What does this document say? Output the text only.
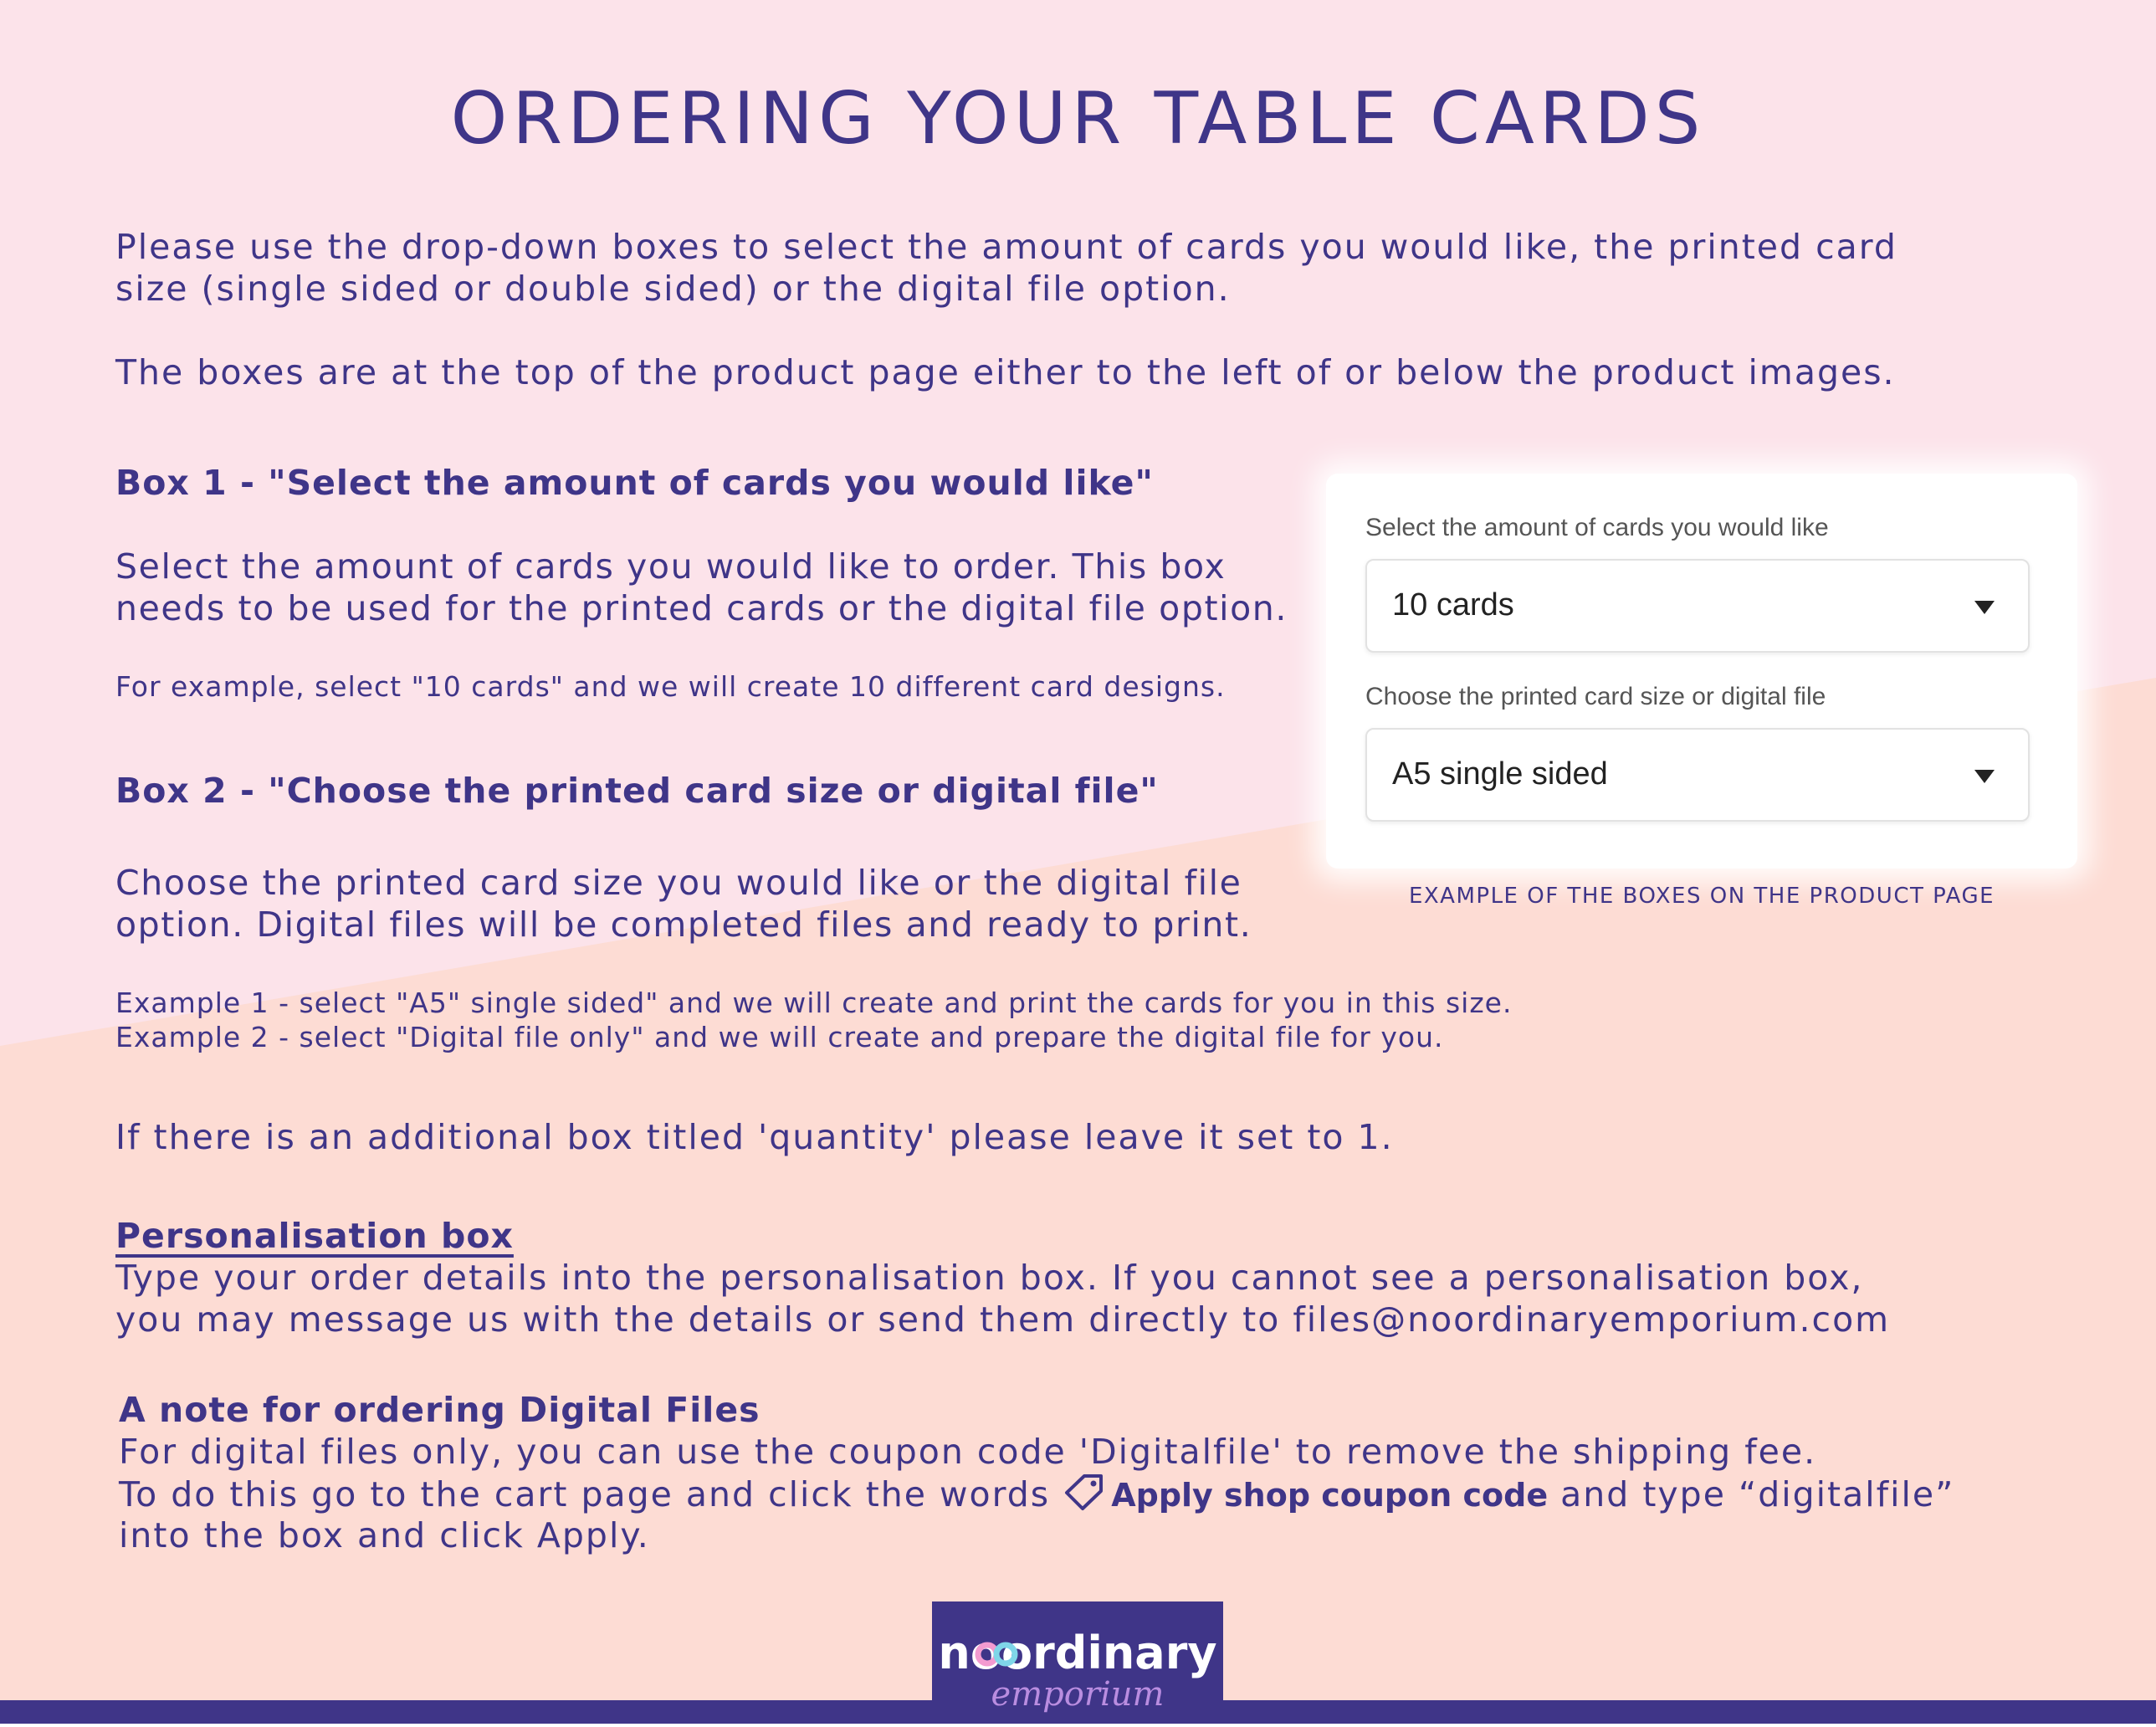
ORDERING YOUR TABLE CARDS

Please use the drop-down boxes to select the amount of cards you would like, the printed card

size (single sided or double sided) or the digital file option.

The boxes are at the top of the product page either to the left of or below the product images.

Box 1 - "Select the amount of cards you would like"

Select the amount of cards you would like to order. This box

needs to be used for the printed cards or the digital file option.

For example, select "10 cards" and we will create 10 different card designs.

Box 2 - "Choose the printed card size or digital file"

Choose the printed card size you would like or the digital file

option. Digital files will be completed files and ready to print.

Example 1 - select "A5" single sided" and we will create and print the cards for you in this size.

Example 2 - select "Digital file only" and we will create and prepare the digital file for you.

If there is an additional box titled 'quantity' please leave it set to 1.

Personalisation box

Type your order details into the personalisation box. If you cannot see a personalisation box,

you may message us with the details or send them directly to files@noordinaryemporium.com

A note for ordering Digital Files

For digital files only, you can use the coupon code 'Digitalfile' to remove the shipping fee.

To do this go to the cart page and click the words Apply shop coupon code and type “digitalfile”

into the box and click Apply.

Select the amount of cards you would like
10 cards
Choose the printed card size or digital file
A5 single sided
EXAMPLE OF THE BOXES ON THE PRODUCT PAGE
noordinary
emporium
